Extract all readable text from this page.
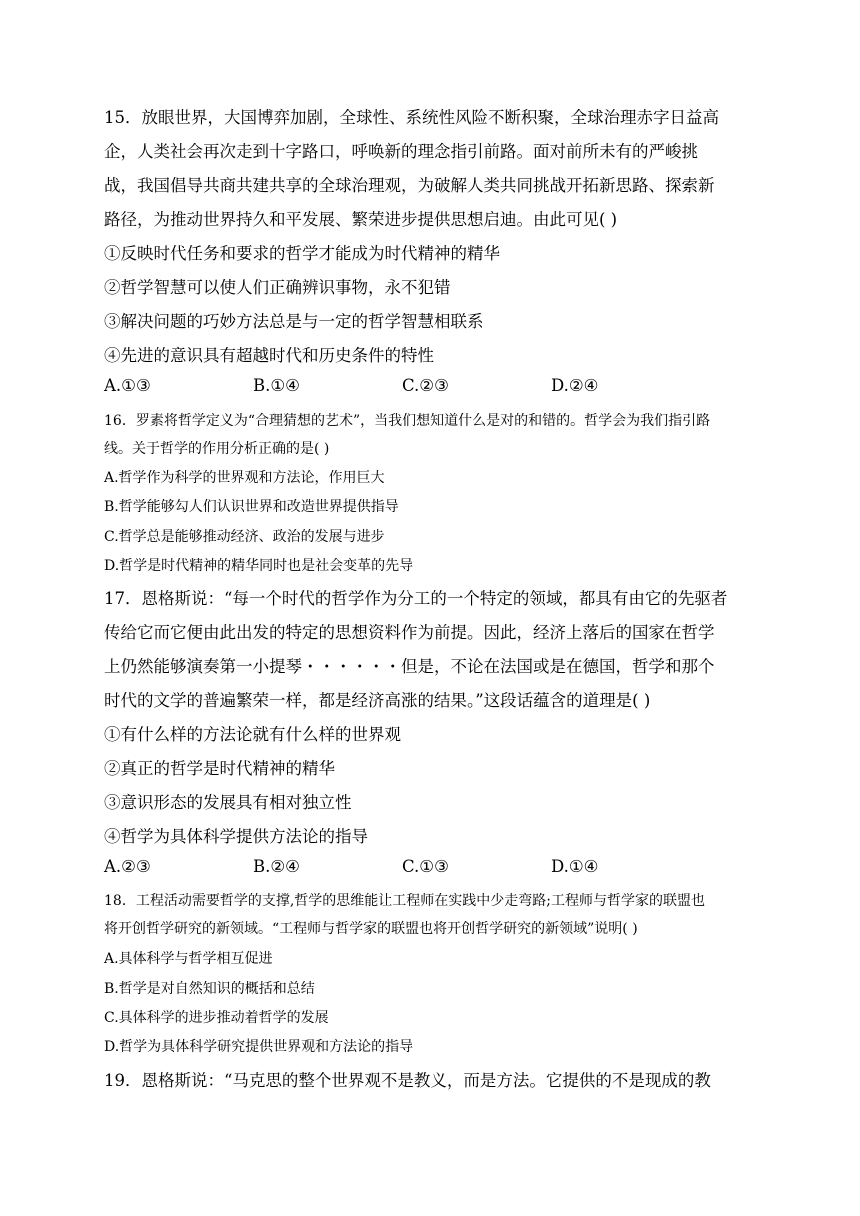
15．放眼世界，大国博弈加剧，全球性、系统性风险不断积聚，全球治理赤字日益高
企，人类社会再次走到十字路口，呼唤新的理念指引前路。面对前所未有的严峻挑
战，我国倡导共商共建共享的全球治理观，为破解人类共同挑战开拓新思路、探索新
路径，为推动世界持久和平发展、繁荣进步提供思想启迪。由此可见( )
①反映时代任务和要求的哲学才能成为时代精神的精华
②哲学智慧可以使人们正确辨识事物，永不犯错
③解决问题的巧妙方法总是与一定的哲学智慧相联系
④先进的意识具有超越时代和历史条件的特性
A.①③	B.①④	C.②③	D.②④
16．罗素将哲学定义为“合理猜想的艺术”，当我们想知道什么是对的和错的。哲学会为我们指引路
线。关于哲学的作用分析正确的是( )
A.哲学作为科学的世界观和方法论，作用巨大
B.哲学能够勾人们认识世界和改造世界提供指导
C.哲学总是能够推动经济、政治的发展与进步
D.哲学是时代精神的精华同时也是社会变革的先导
17．恩格斯说：“每一个时代的哲学作为分工的一个特定的领域，都具有由它的先驱者
传给它而它便由此出发的特定的思想资料作为前提。因此，经济上落后的国家在哲学
上仍然能够演奏第一小提琴・・・・・・但是，不论在法国或是在德国，哲学和那个
时代的文学的普遍繁荣一样，都是经济高涨的结果。”这段话蕴含的道理是( )
①有什么样的方法论就有什么样的世界观
②真正的哲学是时代精神的精华
③意识形态的发展具有相对独立性
④哲学为具体科学提供方法论的指导
A.②③	B.②④	C.①③	D.①④
18．工程活动需要哲学的支撑,哲学的思维能让工程师在实践中少走弯路;工程师与哲学家的联盟也
将开创哲学研究的新领域。“工程师与哲学家的联盟也将开创哲学研究的新领域”说明( )
A.具体科学与哲学相互促进
B.哲学是对自然知识的概括和总结
C.具体科学的进步推动着哲学的发展
D.哲学为具体科学研究提供世界观和方法论的指导
19．恩格斯说：“马克思的整个世界观不是教义，而是方法。它提供的不是现成的教
